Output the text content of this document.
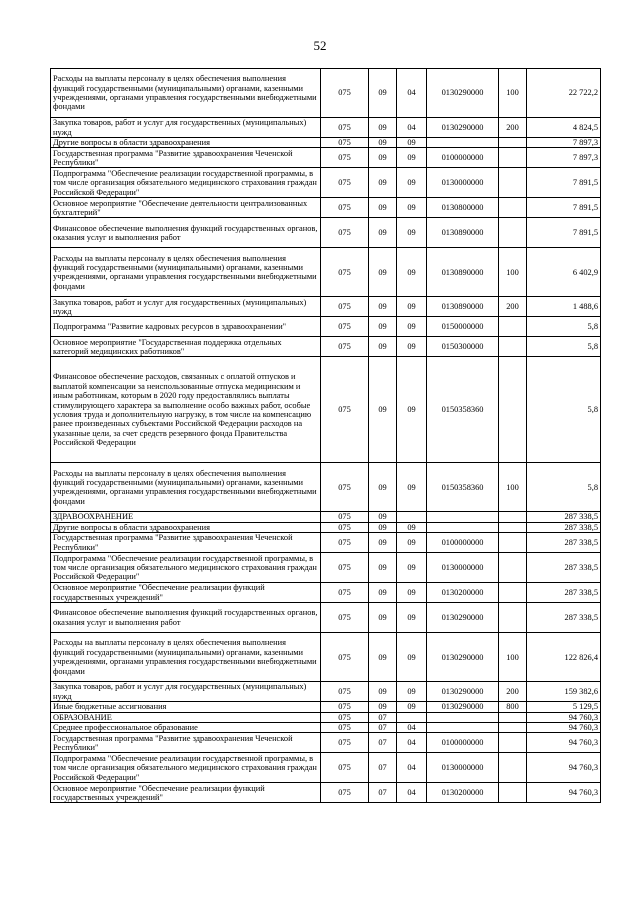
52
Расходы на выплаты персоналу в целях обеспечения выполнения функций государственными (муниципальными) органами, казенными учреждениями, органами управления государственными внебюджетными фондами	075	09	04	0130290000	100	22 722,2
Закупка товаров, работ и услуг для государственных (муниципальных) нужд	075	09	04	0130290000	200	4 824,5
Другие вопросы в области здравоохранения	075	09	09			7 897,3
Государственная программа "Развитие здравоохранения Чеченской Республики"	075	09	09	0100000000		7 897,3
Подпрограмма "Обеспечение реализации государственной программы, в том числе организация обязательного медицинского страхования граждан Российской Федерации"	075	09	09	0130000000		7 891,5
Основное мероприятие "Обеспечение деятельности централизованных бухгалтерий"	075	09	09	0130800000		7 891,5
Финансовое обеспечение выполнения функций государственных органов, оказания услуг и выполнения работ	075	09	09	0130890000		7 891,5
Расходы на выплаты персоналу в целях обеспечения выполнения функций государственными (муниципальными) органами, казенными учреждениями, органами управления государственными внебюджетными фондами	075	09	09	0130890000	100	6 402,9
Закупка товаров, работ и услуг для государственных (муниципальных) нужд	075	09	09	0130890000	200	1 488,6
Подпрограмма "Развитие кадровых ресурсов в здравоохранении"	075	09	09	0150000000		5,8
Основное мероприятие "Государственная поддержка отдельных категорий медицинских работников"	075	09	09	0150300000		5,8
Финансовое обеспечение расходов, связанных с оплатой отпусков и выплатой компенсации за неиспользованные отпуска медицинским и иным работникам, которым в 2020 году предоставлялись выплаты стимулирующего характера за выполнение особо важных работ, особые условия труда и дополнительную нагрузку, в том числе на компенсацию ранее произведенных субъектами Российской Федерации расходов на указанные цели, за счет средств резервного фонда Правительства Российской Федерации	075	09	09	0150358360		5,8
Расходы на выплаты персоналу в целях обеспечения выполнения функций государственными (муниципальными) органами, казенными учреждениями, органами управления государственными внебюджетными фондами	075	09	09	0150358360	100	5,8
ЗДРАВООХРАНЕНИЕ	075	09				287 338,5
Другие вопросы в области здравоохранения	075	09	09			287 338,5
Государственная программа "Развитие здравоохранения Чеченской Республики"	075	09	09	0100000000		287 338,5
Подпрограмма "Обеспечение реализации государственной программы, в том числе организация обязательного медицинского страхования граждан Российской Федерации"	075	09	09	0130000000		287 338,5
Основное мероприятие "Обеспечение реализации функций государственных учреждений"	075	09	09	0130200000		287 338,5
Финансовое обеспечение выполнения функций государственных органов, оказания услуг и выполнения работ	075	09	09	0130290000		287 338,5
Расходы на выплаты персоналу в целях обеспечения выполнения функций государственными (муниципальными) органами, казенными учреждениями, органами управления государственными внебюджетными фондами	075	09	09	0130290000	100	122 826,4
Закупка товаров, работ и услуг для государственных (муниципальных) нужд	075	09	09	0130290000	200	159 382,6
Иные бюджетные ассигнования	075	09	09	0130290000	800	5 129,5
ОБРАЗОВАНИЕ	075	07				94 760,3
Среднее профессиональное образование	075	07	04			94 760,3
Государственная программа "Развитие здравоохранения Чеченской Республики"	075	07	04	0100000000		94 760,3
Подпрограмма "Обеспечение реализации государственной программы, в том числе организация обязательного медицинского страхования граждан Российской Федерации"	075	07	04	0130000000		94 760,3
Основное мероприятие "Обеспечение реализации функций государственных учреждений"	075	07	04	0130200000		94 760,3
